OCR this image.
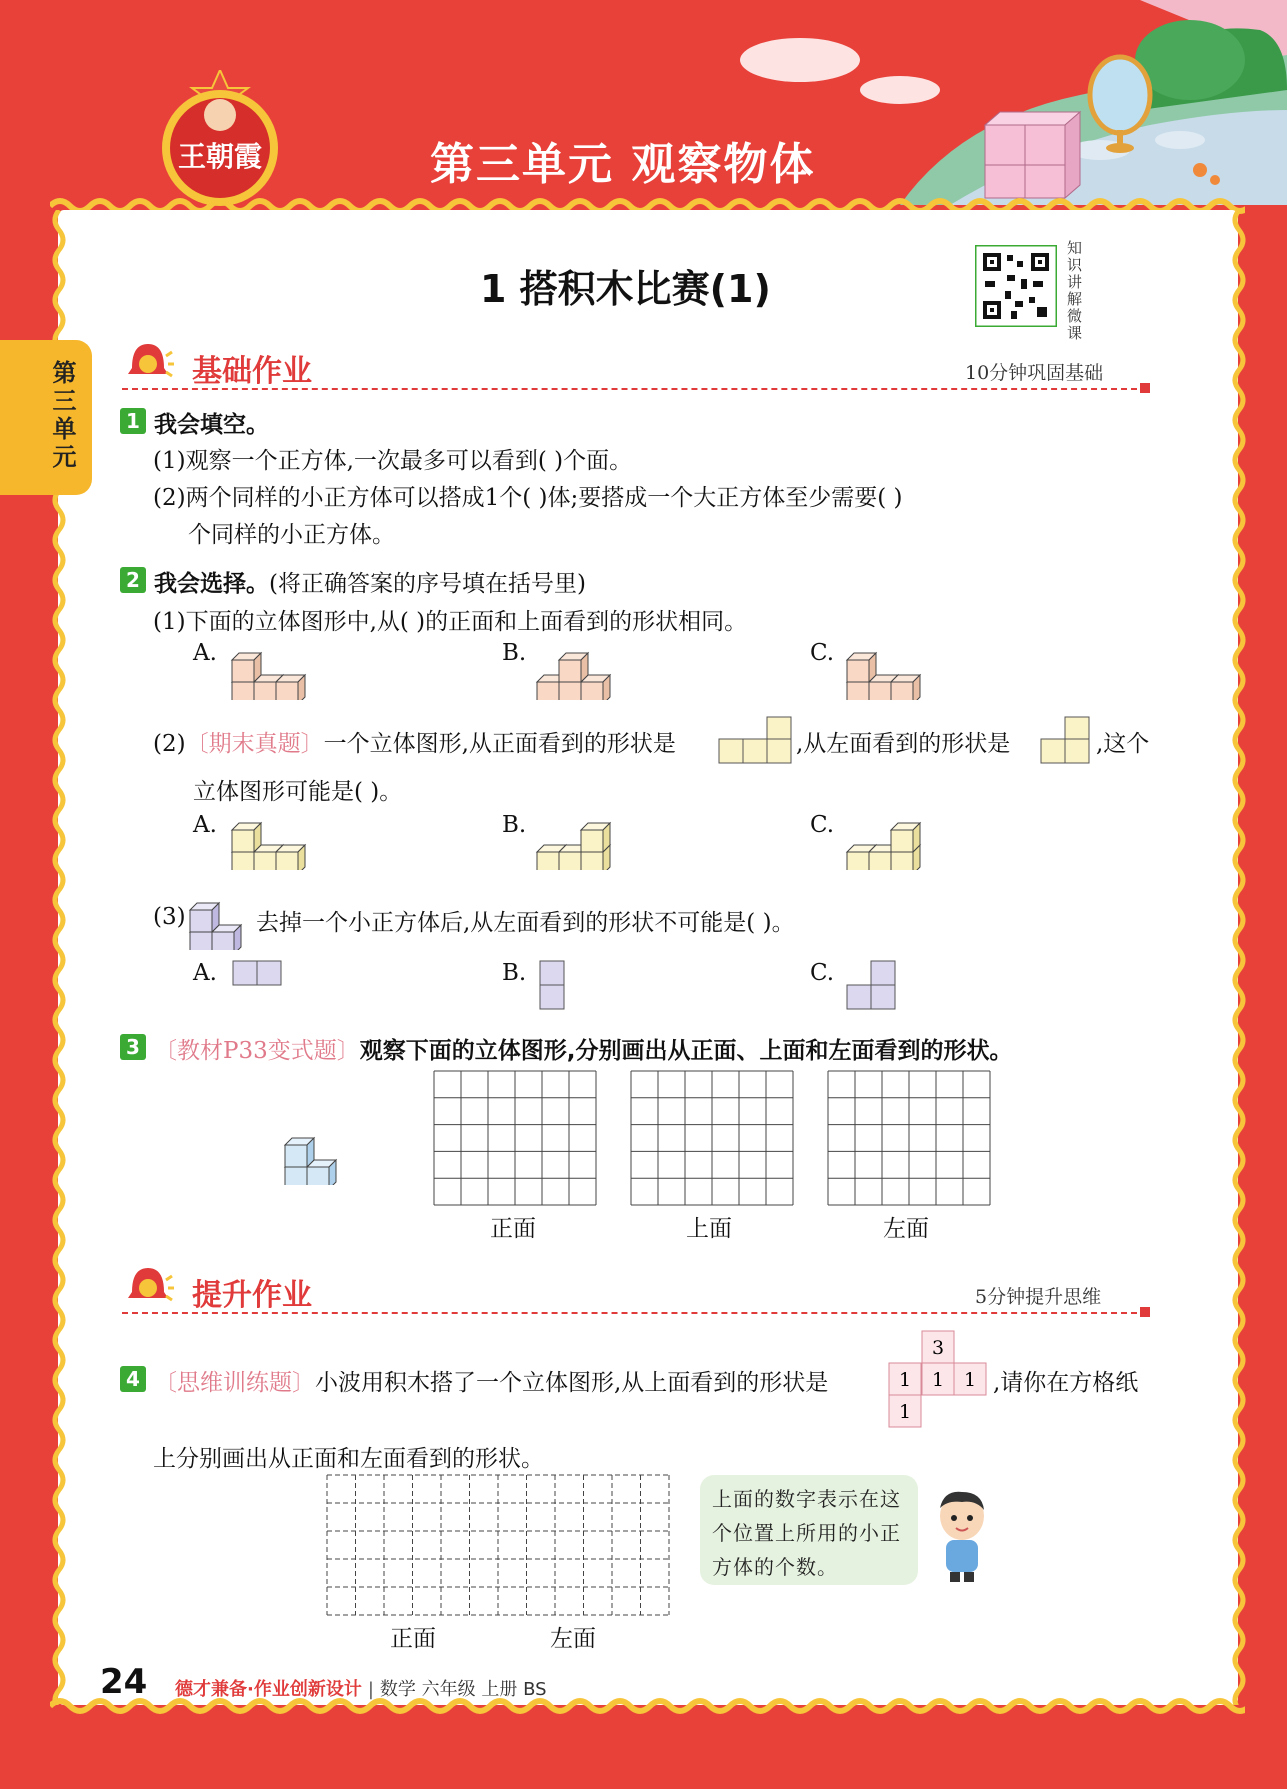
王朝霞	第三单元 观察物体
第三单元
1 搭积木比赛(1)	知识讲解微课
基础作业	10分钟巩固基础
1 我会填空。
(1)观察一个正方体,一次最多可以看到( )个面。
(2)两个同样的小正方体可以搭成1个( )体;要搭成一个大正方体至少需要( )
个同样的小正方体。
2 我会选择。(将正确答案的序号填在括号里)
(1)下面的立体图形中,从( )的正面和上面看到的形状相同。
A.	B.	C.
(2)〔期末真题〕一个立体图形,从正面看到的形状是	,从左面看到的形状是	,这个
立体图形可能是( )。
A.	B.	C.
(3)	去掉一个小正方体后,从左面看到的形状不可能是( )。
A.	B.	C.
3 〔教材P33变式题〕观察下面的立体图形,分别画出从正面、上面和左面看到的形状。
正面	上面	左面
提升作业	5分钟提升思维
4 〔思维训练题〕小波用积木搭了一个立体图形,从上面看到的形状是
3
1 1 1
1
,请你在方格纸
上分别画出从正面和左面看到的形状。
正面	左面
上面的数字表示在这个位置上所用的小正方体的个数。
24 德才兼备·作业创新设计 | 数学 六年级 上册 BS
